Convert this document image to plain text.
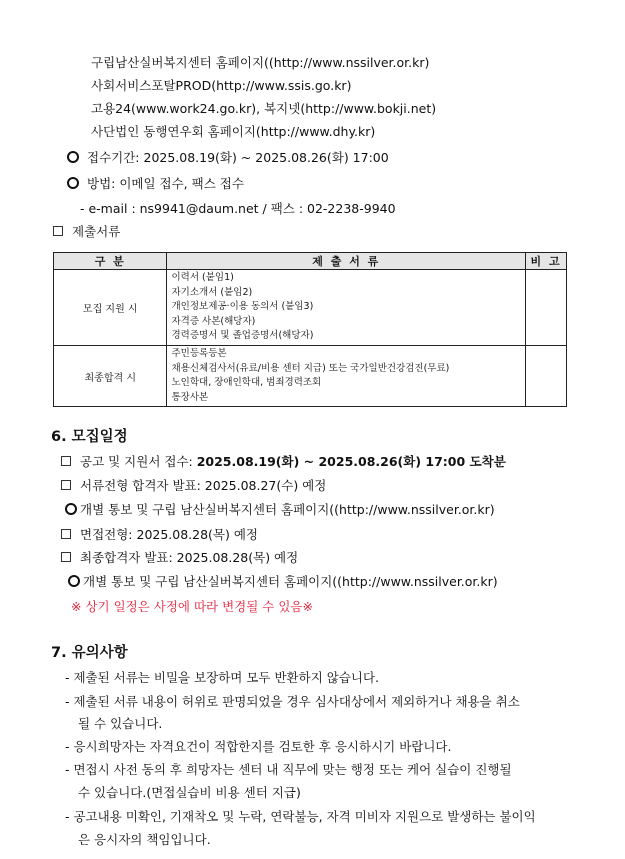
구립남산실버복지센터 홈페이지((http://www.nssilver.or.kr)
사회서비스포탈PROD(http://www.ssis.go.kr)
고용24(www.work24.go.kr), 복지넷(http://www.bokji.net)
사단법인 동행연우회 홈페이지(http://www.dhy.kr)
접수기간: 2025.08.19(화) ~ 2025.08.26(화) 17:00
방법: 이메일 접수, 팩스 접수
- e-mail : ns9941@daum.net / 팩스 : 02-2238-9940
제출서류
구 분	제 출 서 류	비 고
모집 지원 시	이력서 (붙임1)
자기소개서 (붙임2)
개인정보제공·이용 동의서 (붙임3)
자격증 사본(해당자)
경력증명서 및 졸업증명서(해당자)	

최종합격 시	주민등록등본
채용신체검사서(유료/비용 센터 지급) 또는 국가일반건강검진(무료)
노인학대, 장애인학대, 범죄경력조회
통장사본	

6. 모집일정
공고 및 지원서 접수: 2025.08.19(화) ~ 2025.08.26(화) 17:00 도착분
서류전형 합격자 발표: 2025.08.27(수) 예정
개별 통보 및 구립 남산실버복지센터 홈페이지((http://www.nssilver.or.kr)
면접전형: 2025.08.28(목) 예정
최종합격자 발표: 2025.08.28(목) 예정
개별 통보 및 구립 남산실버복지센터 홈페이지((http://www.nssilver.or.kr)
※ 상기 일정은 사정에 따라 변경될 수 있음※
7. 유의사항
- 제출된 서류는 비밀을 보장하며 모두 반환하지 않습니다.
- 제출된 서류 내용이 허위로 판명되었을 경우 심사대상에서 제외하거나 채용을 취소
될 수 있습니다.
- 응시희망자는 자격요건이 적합한지를 검토한 후 응시하시기 바랍니다.
- 면접시 사전 동의 후 희망자는 센터 내 직무에 맞는 행정 또는 케어 실습이 진행될
수 있습니다.(면접실습비 비용 센터 지급)
- 공고내용 미확인, 기재착오 및 누락, 연락불능, 자격 미비자 지원으로 발생하는 불이익
은 응시자의 책임입니다.
